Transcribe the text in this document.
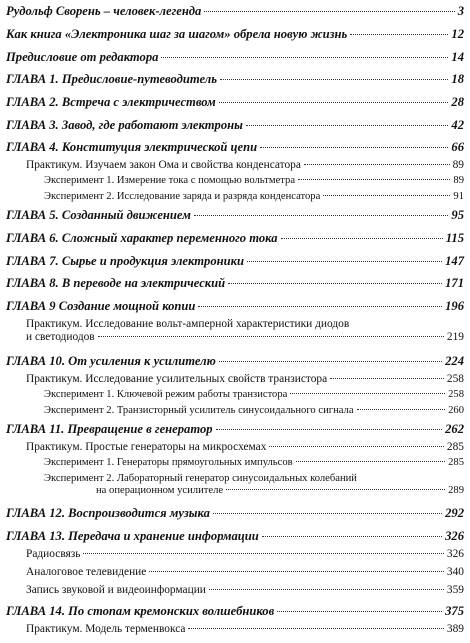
Рудольф Сворень – человек-легенда	3
Как книга «Электроника шаг за шагом» обрела новую жизнь	12
Предисловие от редактора	14
ГЛАВА 1. Предисловие-путеводитель	18
ГЛАВА 2. Встреча с электричеством	28
ГЛАВА 3. Завод, где работают электроны	42
ГЛАВА 4. Конституция электрической цепи	66
Практикум. Изучаем закон Ома и свойства конденсатора	89
Эксперимент 1. Измерение тока с помощью вольтметра	89
Эксперимент 2. Исследование заряда и разряда конденсатора	91
ГЛАВА 5. Созданный движением	95
ГЛАВА 6. Сложный характер переменного тока	115
ГЛАВА 7. Сырье и продукция электроники	147
ГЛАВА 8. В переводе на электрический	171
ГЛАВА 9 Создание мощной копии	196
Практикум. Исследование вольт-амперной характеристики диодов
и светодиодов	219
ГЛАВА 10. От усиления к усилителю	224
Практикум. Исследование усилительных свойств транзистора	258
Эксперимент 1. Ключевой режим работы транзистора	258
Эксперимент 2. Транзисторный усилитель синусоидального сигнала	260
ГЛАВА 11. Превращение в генератор	262
Практикум. Простые генераторы на микросхемах	285
Эксперимент 1. Генераторы прямоугольных импульсов	285
Эксперимент 2. Лабораторный генератор синусоидальных колебаний
на операционном усилителе	289
ГЛАВА 12. Воспроизводится музыка	292
ГЛАВА 13. Передача и хранение информации	326
Радиосвязь	326
Аналоговое телевидение	340
Запись звуковой и видеоинформации	359
ГЛАВА 14. По стопам кремонских волшебников	375
Практикум. Модель терменвокса	389
